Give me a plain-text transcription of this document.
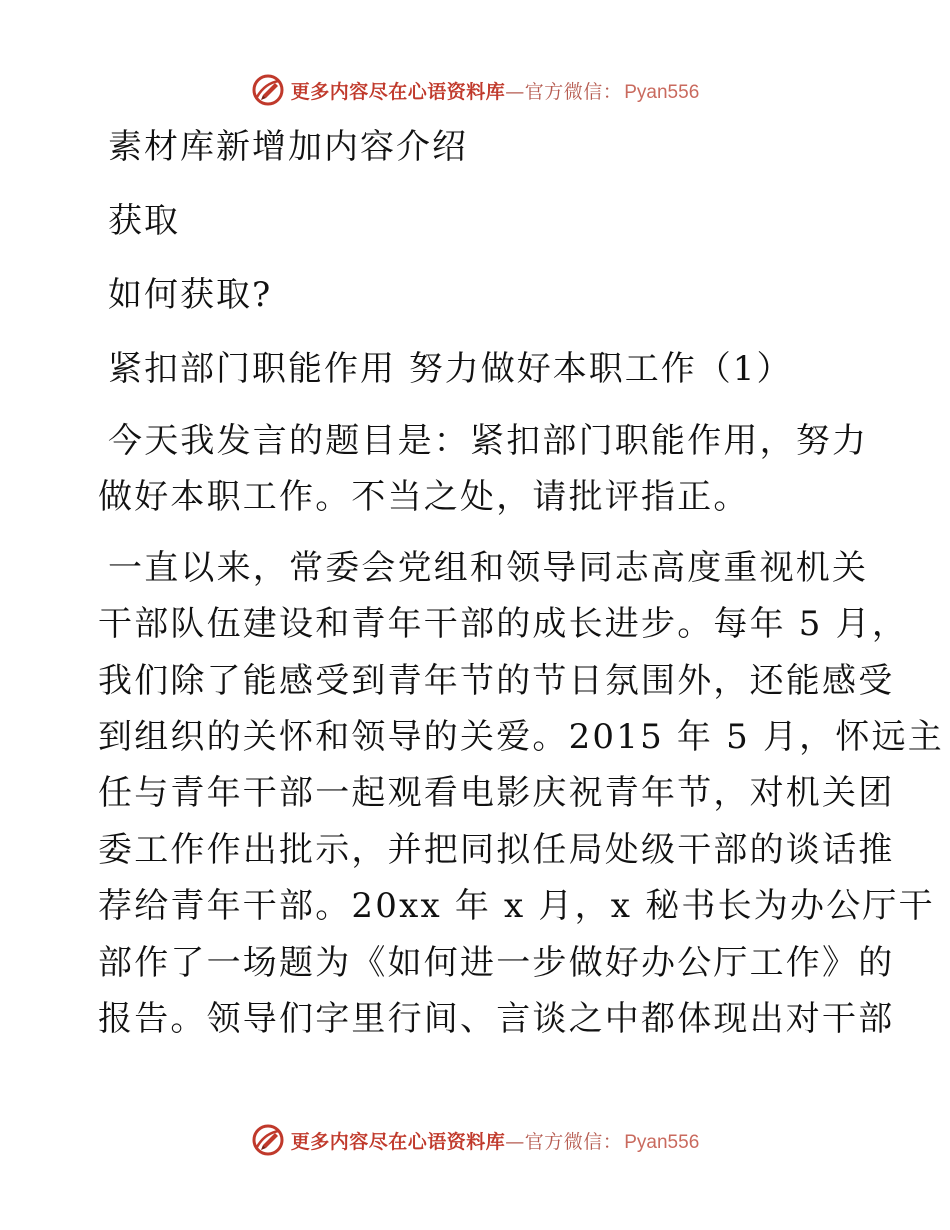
更多内容尽在心语资料库 — 官方微信： Pyan556

素材库新增加内容介绍

获取

如何获取?

紧扣部门职能作用 努力做好本职工作（1）

今天我发言的题目是：紧扣部门职能作用，努力
做好本职工作。不当之处，请批评指正。
一直以来，常委会党组和领导同志高度重视机关
干部队伍建设和青年干部的成长进步。每年 5 月，
我们除了能感受到青年节的节日氛围外，还能感受
到组织的关怀和领导的关爱。2015 年 5 月，怀远主
任与青年干部一起观看电影庆祝青年节，对机关团
委工作作出批示，并把同拟任局处级干部的谈话推
荐给青年干部。20xx 年 x 月，x 秘书长为办公厅干
部作了一场题为《如何进一步做好办公厅工作》的
报告。领导们字里行间、言谈之中都体现出对干部
更多内容尽在心语资料库 — 官方微信： Pyan556
